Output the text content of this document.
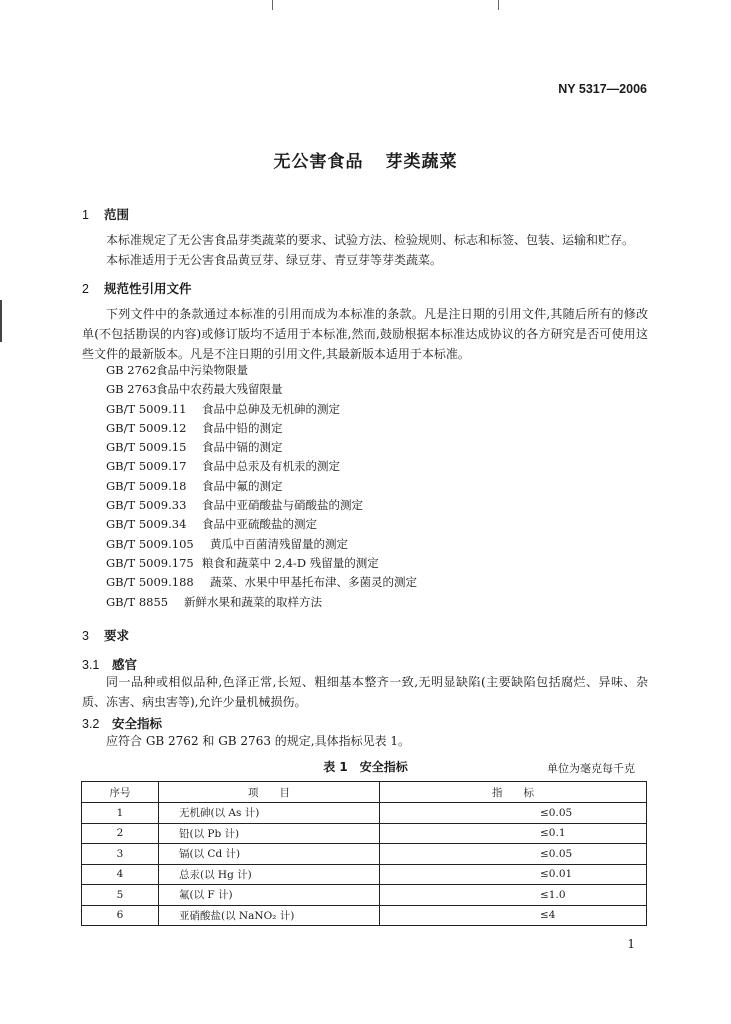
NY 5317—2006
无公害食品 芽类蔬菜
1 范围

本标准规定了无公害食品芽类蔬菜的要求、试验方法、检验规则、标志和标签、包装、运输和贮存。

本标准适用于无公害食品黄豆芽、绿豆芽、青豆芽等芽类蔬菜。

2 规范性引用文件

下列文件中的条款通过本标准的引用而成为本标准的条款。凡是注日期的引用文件,其随后所有的修改单(不包括勘误的内容)或修订版均不适用于本标准,然而,鼓励根据本标准达成协议的各方研究是否可使用这些文件的最新版本。凡是不注日期的引用文件,其最新版本适用于本标准。

GB 2762食品中污染物限量
GB 2763食品中农药最大残留限量
GB/T 5009.11 食品中总砷及无机砷的测定
GB/T 5009.12 食品中铅的测定
GB/T 5009.15 食品中镉的测定
GB/T 5009.17 食品中总汞及有机汞的测定
GB/T 5009.18 食品中氟的测定
GB/T 5009.33 食品中亚硝酸盐与硝酸盐的测定
GB/T 5009.34 食品中亚硫酸盐的测定
GB/T 5009.105 黄瓜中百菌清残留量的测定
GB/T 5009.175 粮食和蔬菜中 2,4-D 残留量的测定
GB/T 5009.188 蔬菜、水果中甲基托布津、多菌灵的测定
GB/T 8855 新鲜水果和蔬菜的取样方法
3 要求
3.1 感官

同一品种或相似品种,色泽正常,长短、粗细基本整齐一致,无明显缺陷(主要缺陷包括腐烂、异味、杂质、冻害、病虫害等),允许少量机械损伤。

3.2 安全指标

应符合 GB 2762 和 GB 2763 的规定,具体指标见表 1。

表 1　安全指标	单位为毫克每千克
序号	项　　目	指　　标
1	无机砷(以 As 计)	≤0.05
2	铅(以 Pb 计)	≤0.1
3	镉(以 Cd 计)	≤0.05
4	总汞(以 Hg 计)	≤0.01
5	氟(以 F 计)	≤1.0
6	亚硝酸盐(以 NaNO₂ 计)	≤4
1
